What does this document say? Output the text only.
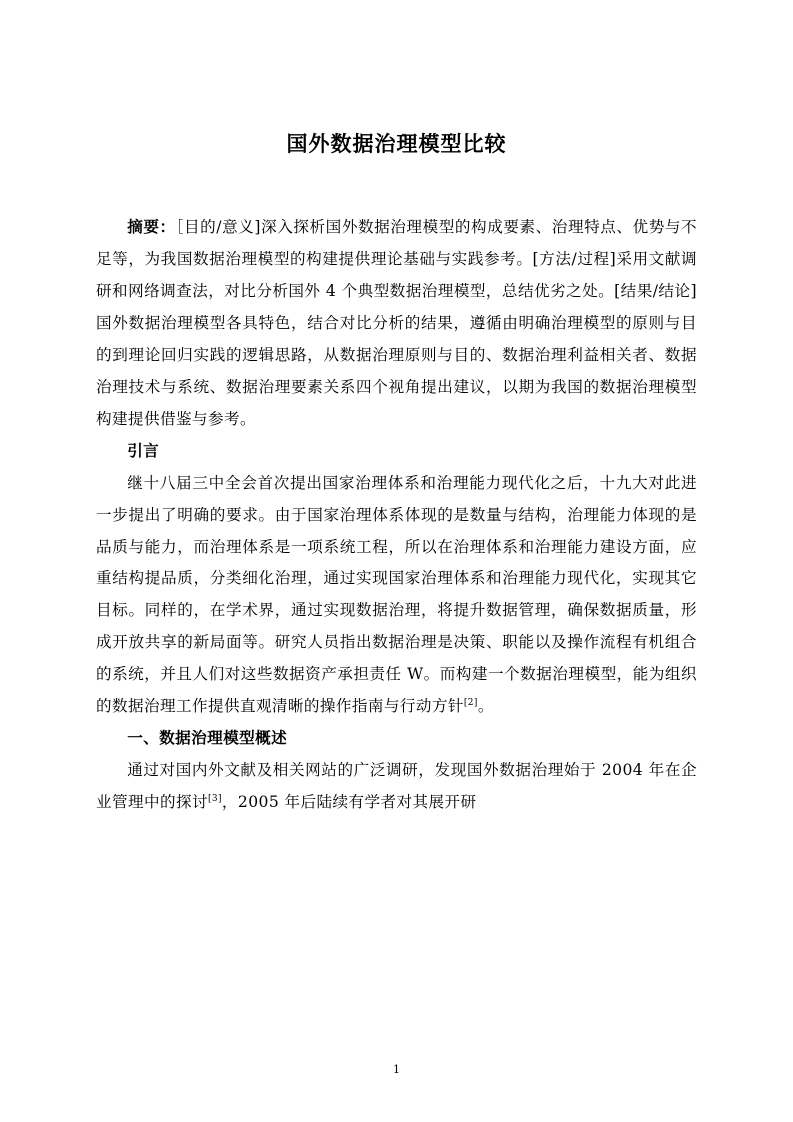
国外数据治理模型比较

摘要：［目的/意义]深入探析国外数据治理模型的构成要素、治理特点、优势与不足等，为我国数据治理模型的构建提供理论基础与实践参考。[方法/过程]采用文献调研和网络调查法，对比分析国外 4 个典型数据治理模型，总结优劣之处。[结果/结论]国外数据治理模型各具特色，结合对比分析的结果，遵循由明确治理模型的原则与目的到理论回归实践的逻辑思路，从数据治理原则与目的、数据治理利益相关者、数据治理技术与系统、数据治理要素关系四个视角提出建议，以期为我国的数据治理模型构建提供借鉴与参考。

引言

继十八届三中全会首次提出国家治理体系和治理能力现代化之后，十九大对此进一步提出了明确的要求。由于国家治理体系体现的是数量与结构，治理能力体现的是品质与能力，而治理体系是一项系统工程，所以在治理体系和治理能力建设方面，应重结构提品质，分类细化治理，通过实现国家治理体系和治理能力现代化，实现其它目标。同样的，在学术界，通过实现数据治理，将提升数据管理，确保数据质量，形成开放共享的新局面等。研究人员指出数据治理是决策、职能以及操作流程有机组合的系统，并且人们对这些数据资产承担责任 W。而构建一个数据治理模型，能为组织的数据治理工作提供直观清晰的操作指南与行动方针[2]。

一、数据治理模型概述

通过对国内外文献及相关网站的广泛调研，发现国外数据治理始于 2004 年在企业管理中的探讨[3]，2005 年后陆续有学者对其展开研

1
